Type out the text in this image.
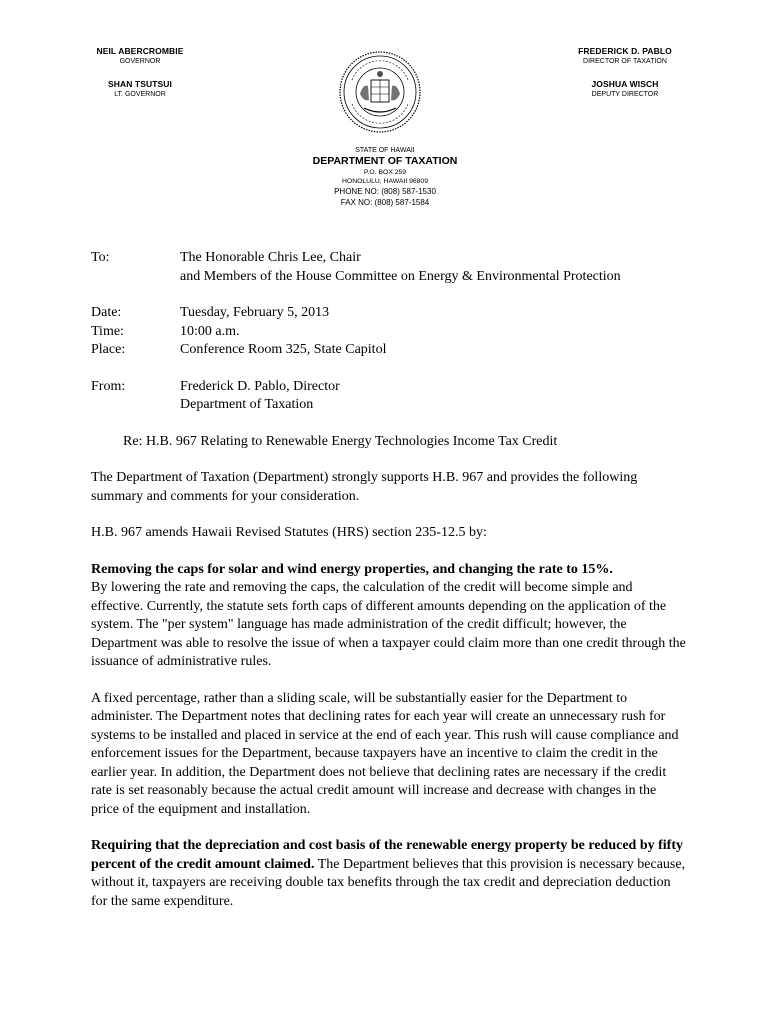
NEIL ABERCROMBIE
GOVERNOR
SHAN TSUTSUI
LT. GOVERNOR
FREDERICK D. PABLO
DIRECTOR OF TAXATION
JOSHUA WISCH
DEPUTY DIRECTOR
STATE OF HAWAII
DEPARTMENT OF TAXATION
P.O. BOX 259
HONOLULU, HAWAII 96809
PHONE NO: (808) 587-1530
FAX NO: (808) 587-1584
To:	The Honorable Chris Lee, Chair
and Members of the House Committee on Energy & Environmental Protection
Date:	Tuesday, February 5, 2013
Time:	10:00 a.m.
Place:	Conference Room 325, State Capitol
From:	Frederick D. Pablo, Director
Department of Taxation
Re: H.B. 967 Relating to Renewable Energy Technologies Income Tax Credit

The Department of Taxation (Department) strongly supports H.B. 967 and provides the following summary and comments for your consideration.

H.B. 967 amends Hawaii Revised Statutes (HRS) section 235-12.5 by:

Removing the caps for solar and wind energy properties, and changing the rate to 15%.
By lowering the rate and removing the caps, the calculation of the credit will become simple and effective. Currently, the statute sets forth caps of different amounts depending on the application of the system. The "per system" language has made administration of the credit difficult; however, the Department was able to resolve the issue of when a taxpayer could claim more than one credit through the issuance of administrative rules.

A fixed percentage, rather than a sliding scale, will be substantially easier for the Department to administer. The Department notes that declining rates for each year will create an unnecessary rush for systems to be installed and placed in service at the end of each year. This rush will cause compliance and enforcement issues for the Department, because taxpayers have an incentive to claim the credit in the earlier year. In addition, the Department does not believe that declining rates are necessary if the credit rate is set reasonably because the actual credit amount will increase and decrease with changes in the price of the equipment and installation.

Requiring that the depreciation and cost basis of the renewable energy property be reduced by fifty percent of the credit amount claimed. The Department believes that this provision is necessary because, without it, taxpayers are receiving double tax benefits through the tax credit and depreciation deduction for the same expenditure.
